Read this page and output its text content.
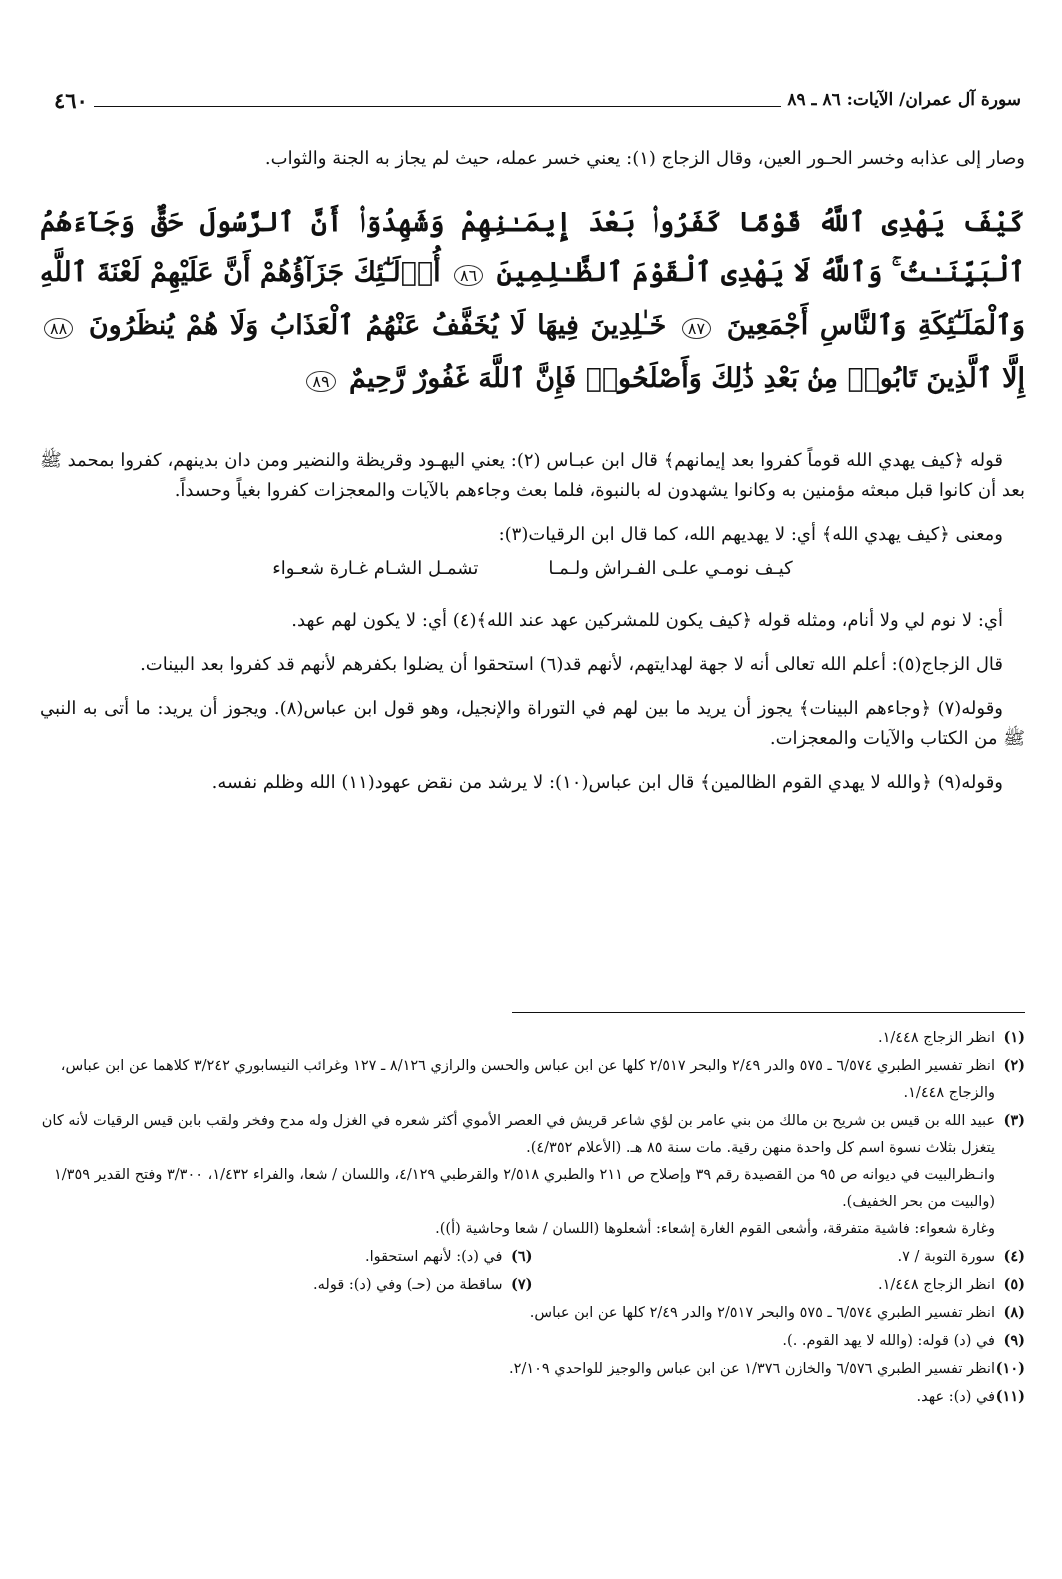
سورة آل عمران/ الآيات: ٨٦ ـ ٨٩
٤٦٠
وصار إلى عذابه وخسر الحـور العين، وقال الزجاج (١): يعني خسر عمله، حيث لم يجاز به الجنة والثواب.
كَيْفَ يَهْدِى ٱللَّهُ قَوْمًا كَفَرُوا۟ بَعْدَ إِيمَـٰنِهِمْ وَشَهِدُوٓا۟ أَنَّ ٱلرَّسُولَ حَقٌّ وَجَآءَهُمُ ٱلْبَيِّنَـٰتُ ۚ وَٱللَّهُ لَا يَهْدِى ٱلْقَوْمَ ٱلظَّـٰلِمِينَ ٨٦ أُو۟لَـٰٓئِكَ جَزَآؤُهُمْ أَنَّ عَلَيْهِمْ لَعْنَةَ ٱللَّهِ وَٱلْمَلَـٰٓئِكَةِ وَٱلنَّاسِ أَجْمَعِينَ ٨٧ خَـٰلِدِينَ فِيهَا لَا يُخَفَّفُ عَنْهُمُ ٱلْعَذَابُ وَلَا هُمْ يُنظَرُونَ ٨٨ إِلَّا ٱلَّذِينَ تَابُوا۟ مِنۢ بَعْدِ ذَٰلِكَ وَأَصْلَحُوا۟ فَإِنَّ ٱللَّهَ غَفُورٌ رَّحِيمٌ ٨٩

قوله ﴿كيف يهدي الله قوماً كفروا بعد إيمانهم﴾ قال ابن عبـاس (٢): يعني اليهـود وقريظة والنضير ومن دان بدينهم، كفروا بمحمد ﷺ بعد أن كانوا قبل مبعثه مؤمنين به وكانوا يشهدون له بالنبوة، فلما بعث وجاءهم بالآيات والمعجزات كفروا بغياً وحسداً.

ومعنى ﴿كيف يهدي الله﴾ أي: لا يهديهم الله، كما قال ابن الرقيات(٣):

كيـف نومـي علـى الفـراش ولـمـا
تشمـل الشـام غـارة شعـواء

أي: لا نوم لي ولا أنام، ومثله قوله ﴿كيف يكون للمشركين عهد عند الله﴾(٤) أي: لا يكون لهم عهد.

قال الزجاج(٥): أعلم الله تعالى أنه لا جهة لهدايتهم، لأنهم قد(٦) استحقوا أن يضلوا بكفرهم لأنهم قد كفروا بعد البينات.

وقوله(٧) ﴿وجاءهم البينات﴾ يجوز أن يريد ما بين لهم في التوراة والإنجيل، وهو قول ابن عباس(٨). ويجوز أن يريد: ما أتى به النبي ﷺ من الكتاب والآيات والمعجزات.

وقوله(٩) ﴿والله لا يهدي القوم الظالمين﴾ قال ابن عباس(١٠): لا يرشد من نقض عهود(١١) الله وظلم نفسه.

(١)انظر الزجاج ١/٤٤٨.

(٢)انظر تفسير الطبري ٦/٥٧٤ ـ ٥٧٥ والدر ٢/٤٩ والبحر ٢/٥١٧ كلها عن ابن عباس والحسن والرازي ٨/١٢٦ ـ ١٢٧ وغرائب النيسابوري ٣/٢٤٢ كلاهما عن ابن عباس، والزجاج ١/٤٤٨.

(٣)عبيد الله بن قيس بن شريح بن مالك من بني عامر بن لؤي شاعر قريش في العصر الأموي أكثر شعره في الغزل وله مدح وفخر ولقب بابن قيس الرقيات لأنه كان يتغزل بثلاث نسوة اسم كل واحدة منهن رقية. مات سنة ٨٥ هـ. (الأعلام ٤/٣٥٢).

وانـظرالبيت في ديوانه ص ٩٥ من القصيدة رقم ٣٩ وإصلاح ص ٢١١ والطبري ٢/٥١٨ والقرطبي ٤/١٢٩، واللسان / شعا، والفراء ١/٤٣٢، ٣/٣٠٠ وفتح القدير ١/٣٥٩ (والبيت من بحر الخفيف).

وغارة شعواء: فاشية متفرقة، وأشعى القوم الغارة إشعاء: أشعلوها (اللسان / شعا وحاشية (أ)).

(٤)سورة التوبة / ٧.

(٦)في (د): لأنهم استحقوا.

(٥)انظر الزجاج ١/٤٤٨.

(٧)ساقطة من (حـ) وفي (د): قوله.

(٨)انظر تفسير الطبري ٦/٥٧٤ ـ ٥٧٥ والبحر ٢/٥١٧ والدر ٢/٤٩ كلها عن ابن عباس.

(٩)في (د) قوله: (والله لا يهد القوم. .).

(١٠)انظر تفسير الطبري ٦/٥٧٦ والخازن ١/٣٧٦ عن ابن عباس والوجيز للواحدي ٢/١٠٩.

(١١)في (د): عهد.
